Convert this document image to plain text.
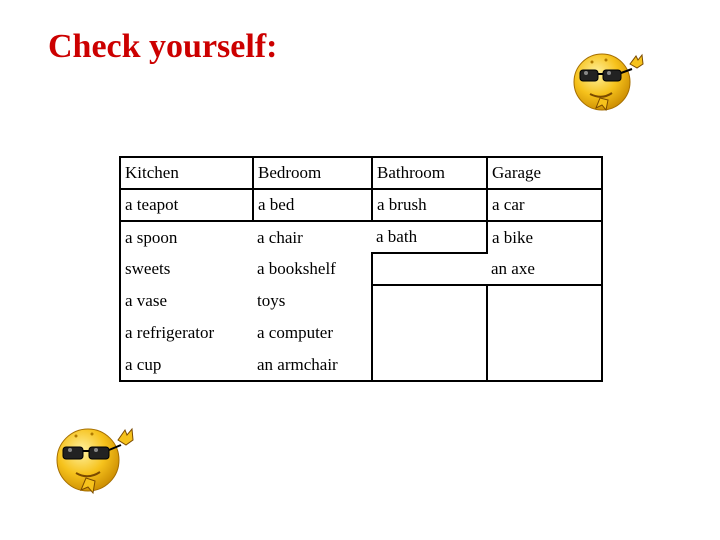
Check yourself:
Kitchen	Bedroom	Bathroom	Garage
a teapot	a bed	a brush	a car
a spoon	a chair	a bath	a bike
sweets	a bookshelf		an axe
a vase	toys		
a refrigerator	a computer		
a cup	an armchair		
